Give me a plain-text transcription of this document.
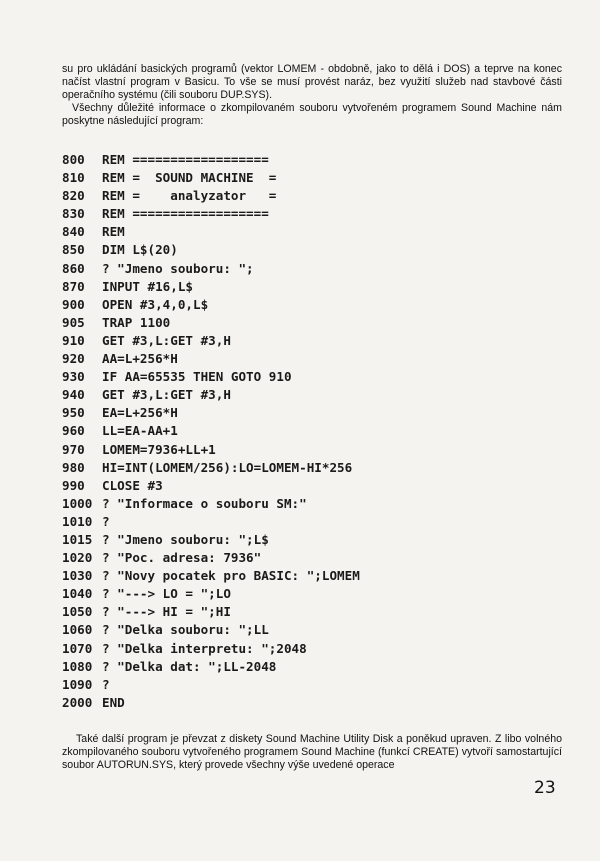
su pro ukládání basických programů (vektor LOMEM - obdobně, jako to dělá i DOS) a teprve na konec načíst vlastní program v Basicu. To vše se musí provést naráz, bez využití služeb nad stavbové části operačního systému (čili souboru DUP.SYS).

Všechny důležité informace o zkompilovaném souboru vytvořeném programem Sound Machine nám poskytne následující program:

800 REM ==================
810 REM =  SOUND MACHINE  =
820 REM =    analyzator   =
830 REM ==================
840 REM
850 DIM L$(20)
860 ? "Jmeno souboru: ";
870 INPUT #16,L$
900 OPEN #3,4,0,L$
905 TRAP 1100
910 GET #3,L:GET #3,H
920 AA=L+256*H
930 IF AA=65535 THEN GOTO 910
940 GET #3,L:GET #3,H
950 EA=L+256*H
960 LL=EA-AA+1
970 LOMEM=7936+LL+1
980 HI=INT(LOMEM/256):LO=LOMEM-HI*256
990 CLOSE #3
1000 ? "Informace o souboru SM:"
1010 ?
1015 ? "Jmeno souboru: ";L$
1020 ? "Poc. adresa: 7936"
1030 ? "Novy pocatek pro BASIC: ";LOMEM
1040 ? "---> LO = ";LO
1050 ? "---> HI = ";HI
1060 ? "Delka souboru: ";LL
1070 ? "Delka interpretu: ";2048
1080 ? "Delka dat: ";LL-2048
1090 ?
2000 END

Také další program je převzat z diskety Sound Machine Utility Disk a poněkud upraven. Z libo volného zkompilovaného souboru vytvořeného programem Sound Machine (funkcí CREATE) vytvoří samostartující soubor AUTORUN.SYS, který provede všechny výše uvedené operace

23
